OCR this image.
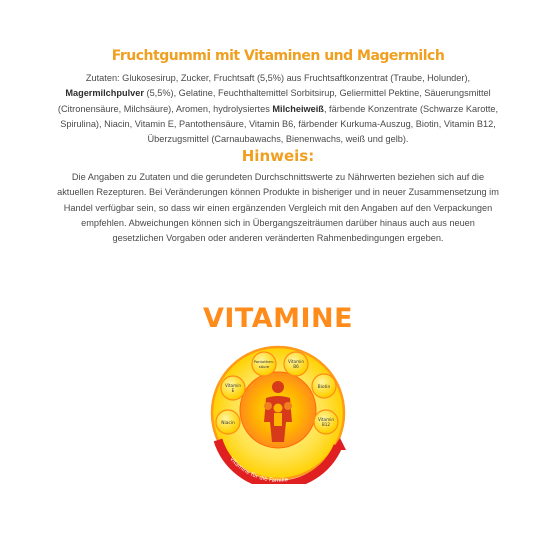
Fruchtgummi mit Vitaminen und Magermilch
Zutaten: Glukosesirup, Zucker, Fruchtsaft (5,5%) aus Fruchtsaftkonzentrat (Traube, Holunder), Magermilchpulver (5,5%), Gelatine, Feuchthaltemittel Sorbitsirup, Geliermittel Pektine, Säuerungsmittel (Citronensäure, Milchsäure), Aromen, hydrolysiertes Milcheiweiß, färbende Konzentrate (Schwarze Karotte, Spirulina), Niacin, Vitamin E, Pantothensäure, Vitamin B6, färbender Kurkuma-Auszug, Biotin, Vitamin B12, Überzugsmittel (Carnaubawachs, Bienenwachs, weiß und gelb).
Hinweis:
Die Angaben zu Zutaten und die gerundeten Durchschnittswerte zu Nährwerten beziehen sich auf die aktuellen Rezepturen. Bei Veränderungen können Produkte in bisheriger und in neuer Zusammensetzung im Handel verfügbar sein, so dass wir einen ergänzenden Vergleich mit den Angaben auf den Verpackungen empfehlen. Abweichungen können sich in Übergangszeiträumen darüber hinaus auch aus neuen gesetzlichen Vorgaben oder anderen veränderten Rahmenbedingungen ergeben.
VITAMINE
Vitamine für die Familie
Pantothen-
säure
Vitamin
B6
Vitamin
E
Biotin
Niacin
Vitamin
B12
